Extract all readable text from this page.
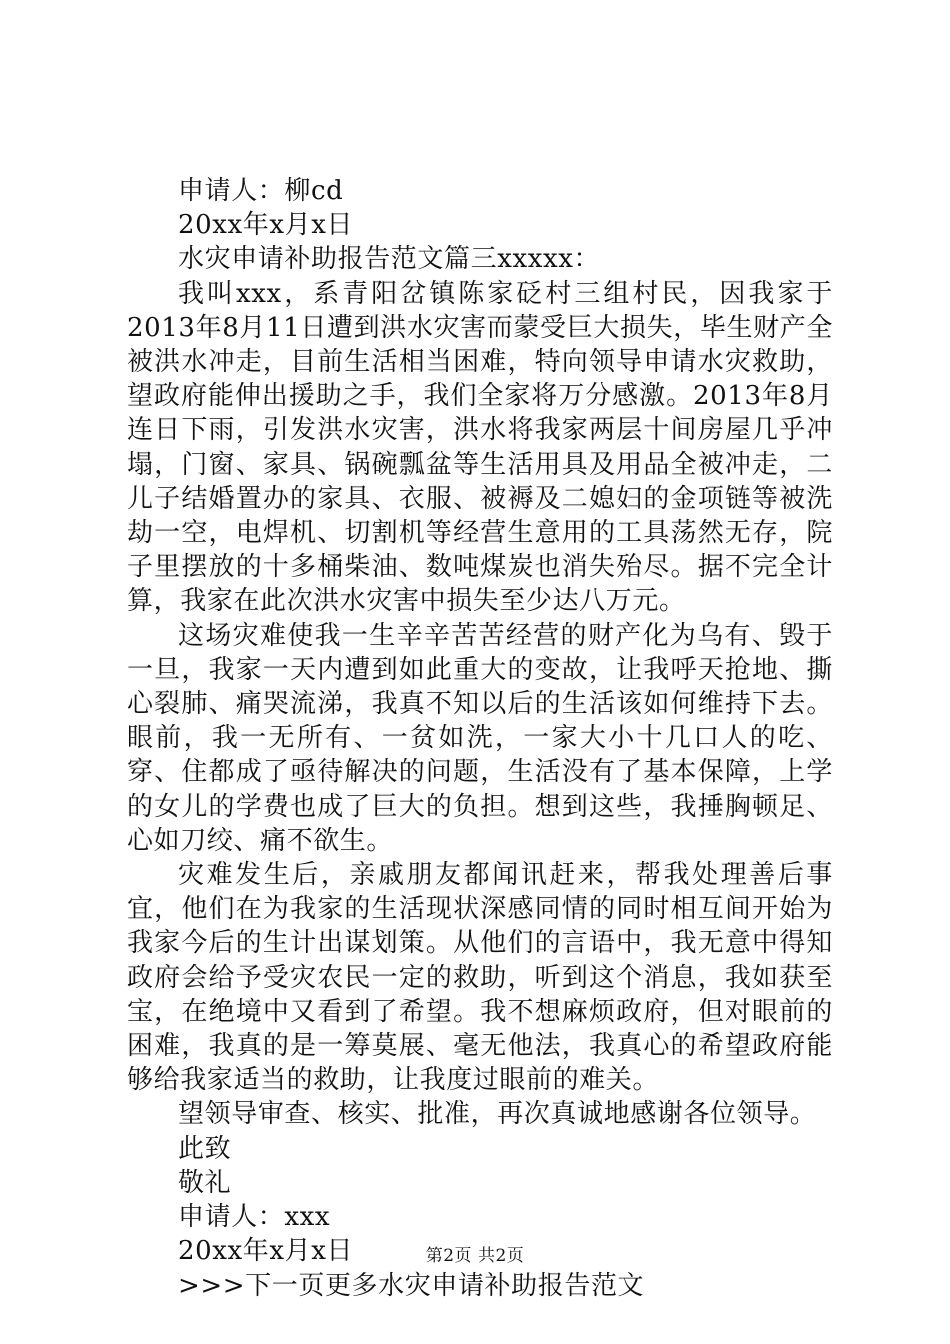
申请人：柳cd

20xx年x月x日

水灾申请补助报告范文篇三xxxxx：

我叫xxx，系青阳岔镇陈家砭村三组村民，因我家于2013年8月11日遭到洪水灾害而蒙受巨大损失，毕生财产全被洪水冲走，目前生活相当困难，特向领导申请水灾救助，望政府能伸出援助之手，我们全家将万分感激。2013年8月连日下雨，引发洪水灾害，洪水将我家两层十间房屋几乎冲塌，门窗、家具、锅碗瓢盆等生活用具及用品全被冲走，二儿子结婚置办的家具、衣服、被褥及二媳妇的金项链等被洗劫一空，电焊机、切割机等经营生意用的工具荡然无存，院子里摆放的十多桶柴油、数吨煤炭也消失殆尽。据不完全计算，我家在此次洪水灾害中损失至少达八万元。

这场灾难使我一生辛辛苦苦经营的财产化为乌有、毁于一旦，我家一天内遭到如此重大的变故，让我呼天抢地、撕心裂肺、痛哭流涕，我真不知以后的生活该如何维持下去。眼前，我一无所有、一贫如洗，一家大小十几口人的吃、穿、住都成了亟待解决的问题，生活没有了基本保障，上学的女儿的学费也成了巨大的负担。想到这些，我捶胸顿足、心如刀绞、痛不欲生。

灾难发生后，亲戚朋友都闻讯赶来，帮我处理善后事宜，他们在为我家的生活现状深感同情的同时相互间开始为我家今后的生计出谋划策。从他们的言语中，我无意中得知政府会给予受灾农民一定的救助，听到这个消息，我如获至宝，在绝境中又看到了希望。我不想麻烦政府，但对眼前的困难，我真的是一筹莫展、毫无他法，我真心的希望政府能够给我家适当的救助，让我度过眼前的难关。

望领导审查、核实、批准，再次真诚地感谢各位领导。

此致

敬礼

申请人：xxx

20xx年x月x日

>>>下一页更多水灾申请补助报告范文

第2页 共2页
